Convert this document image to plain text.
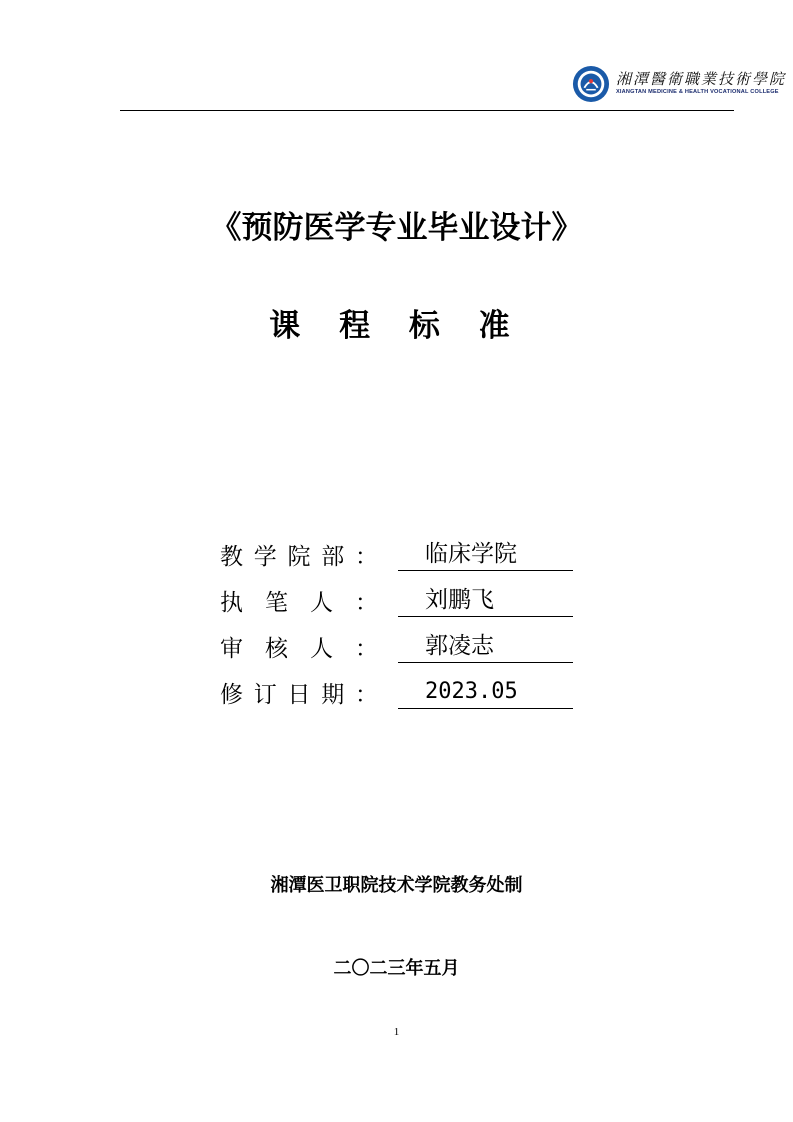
湘潭醫衛職業技術學院
XIANGTAN MEDICINE & HEALTH VOCATIONAL COLLEGE
《预防医学专业毕业设计》
课 程 标 准
教 学 院 部 ：	临床学院
执 笔 人 ：	刘鹏飞
审 核 人 ：	郭凌志
修 订 日 期 ：	2023.05
湘潭医卫职院技术学院教务处制
二〇二三年五月
1
